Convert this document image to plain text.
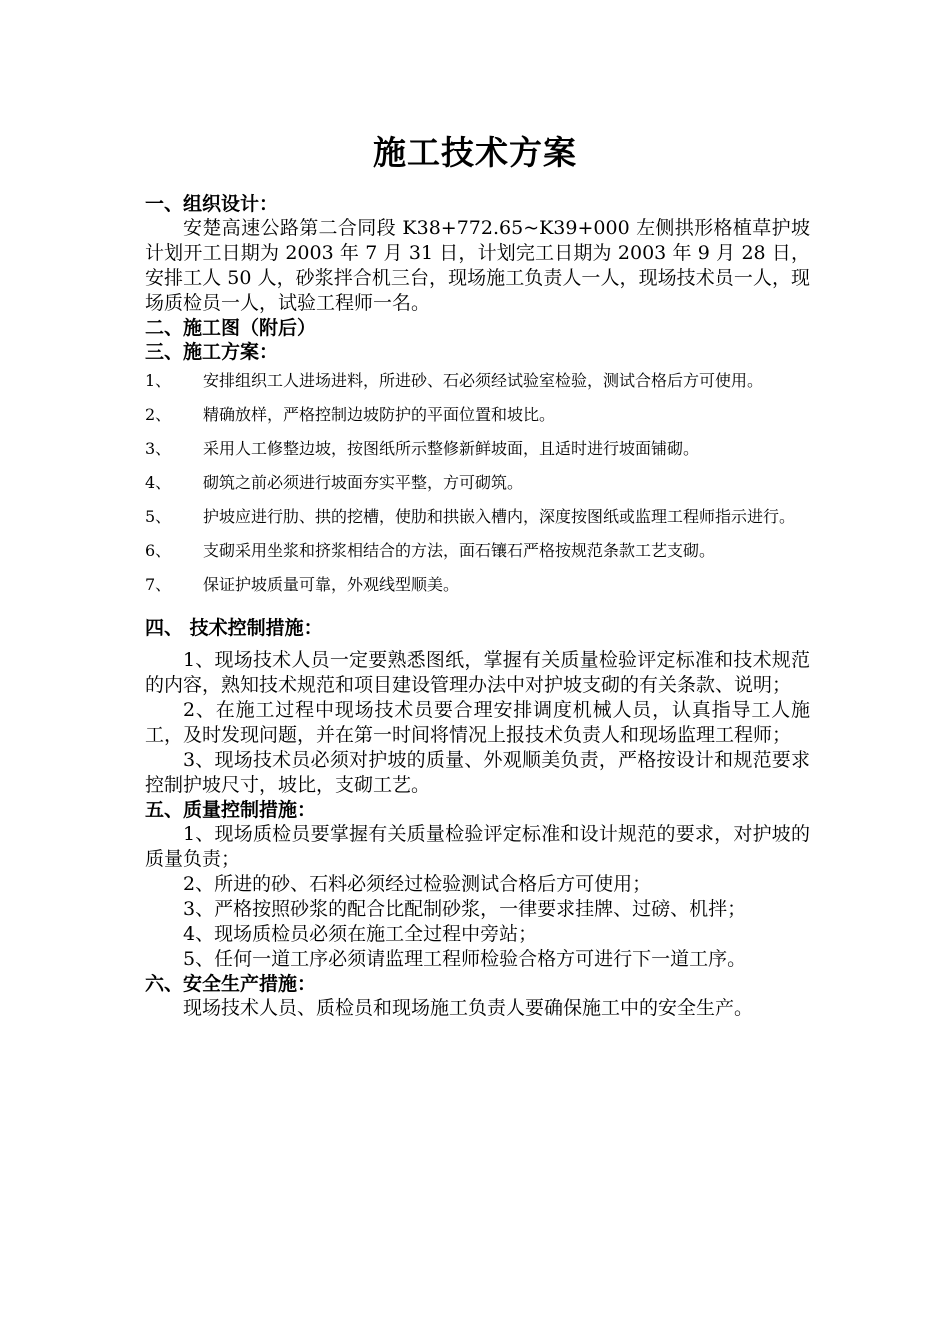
施工技术方案

一、组织设计：

安楚高速公路第二合同段 K38+772.65~K39+000 左侧拱形格植草护坡计划开工日期为 2003 年 7 月 31 日，计划完工日期为 2003 年 9 月 28 日，安排工人 50 人，砂浆拌合机三台，现场施工负责人一人，现场技术员一人，现场质检员一人，试验工程师一名。

二、施工图（附后）

三、施工方案：

1、 安排组织工人进场进料，所进砂、石必须经试验室检验，测试合格后方可使用。
2、 精确放样，严格控制边坡防护的平面位置和坡比。
3、 采用人工修整边坡，按图纸所示整修新鲜坡面，且适时进行坡面铺砌。
4、 砌筑之前必须进行坡面夯实平整，方可砌筑。
5、 护坡应进行肋、拱的挖槽，使肋和拱嵌入槽内，深度按图纸或监理工程师指示进行。
6、 支砌采用坐浆和挤浆相结合的方法，面石镶石严格按规范条款工艺支砌。
7、 保证护坡质量可靠，外观线型顺美。

四、 技术控制措施：

1、现场技术人员一定要熟悉图纸，掌握有关质量检验评定标准和技术规范的内容，熟知技术规范和项目建设管理办法中对护坡支砌的有关条款、说明；

2、在施工过程中现场技术员要合理安排调度机械人员，认真指导工人施工，及时发现问题，并在第一时间将情况上报技术负责人和现场监理工程师；

3、现场技术员必须对护坡的质量、外观顺美负责，严格按设计和规范要求控制护坡尺寸，坡比，支砌工艺。

五、质量控制措施：

1、现场质检员要掌握有关质量检验评定标准和设计规范的要求，对护坡的质量负责；

2、所进的砂、石料必须经过检验测试合格后方可使用；

3、严格按照砂浆的配合比配制砂浆，一律要求挂牌、过磅、机拌；

4、现场质检员必须在施工全过程中旁站；

5、任何一道工序必须请监理工程师检验合格方可进行下一道工序。

六、安全生产措施：

现场技术人员、质检员和现场施工负责人要确保施工中的安全生产。
